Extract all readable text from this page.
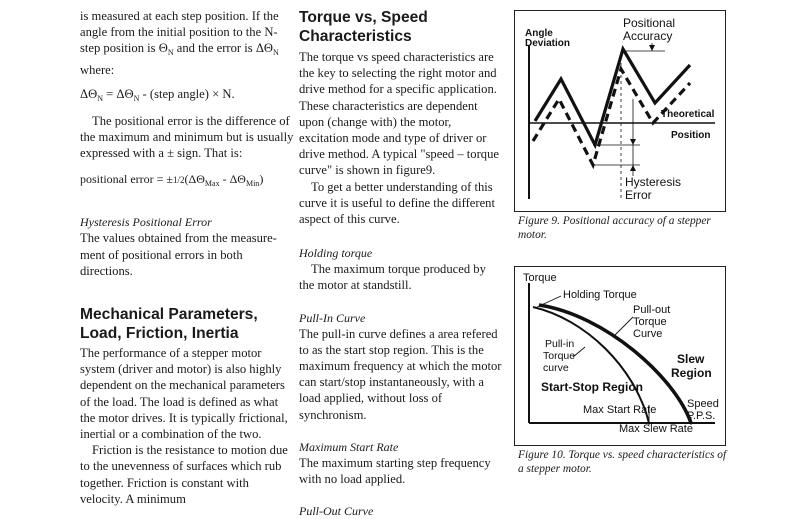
is measured at each step position. If the angle from the initial position to the N-step position is $\Theta_N$ and the error is $\Delta\Theta_N$ where:

$\Delta\Theta_N = \Delta\Theta_N$ - (step angle) × N.

The positional error is the difference of the maximum and minimum but is usually expressed with a ± sign. That is:

positional error = $\pm 1/2(\Delta\Theta_{Max} - \Delta\Theta_{Min})$

Hysteresis Positional Error

The values obtained from the measure-ment of positional errors in both directions.

Mechanical Parameters, Load, Friction, Inertia

The performance of a stepper motor system (driver and motor) is also highly dependent on the mechanical parameters of the load. The load is defined as what the motor drives. It is typically frictional, inertial or a combination of the two.

Friction is the resistance to motion due to the unevenness of surfaces which rub together. Friction is constant with velocity. A minimum

Torque vs, Speed Characteristics

The torque vs speed characteristics are the key to selecting the right motor and drive method for a specific application. These characteristics are dependent upon (change with) the motor, excitation mode and type of driver or drive method. A typical "speed – torque curve" is shown in figure9.

To get a better understanding of this curve it is useful to define the different aspect of this curve.

Holding torque

The maximum torque produced by the motor at standstill.

Pull-In Curve

The pull-in curve defines a area refered to as the start stop region. This is the maximum frequency at which the motor can start/stop instantaneously, with a load applied, without loss of synchronism.

Maximum Start Rate

The maximum starting step frequency with no load applied.

Pull-Out Curve

Angle
Deviation
Positional
Accuracy
Theoretical
Position
Hysteresis
Error
Figure 9. Positional accuracy of a stepper motor.
Torque
Holding Torque
Pull-out
Torque
Curve
Pull-in
Torque
curve
Slew
Region
Start-Stop Region
Max Start Rate
Max Slew Rate
Speed
P.P.S.
Figure 10. Torque vs. speed characteristics of a stepper motor.
